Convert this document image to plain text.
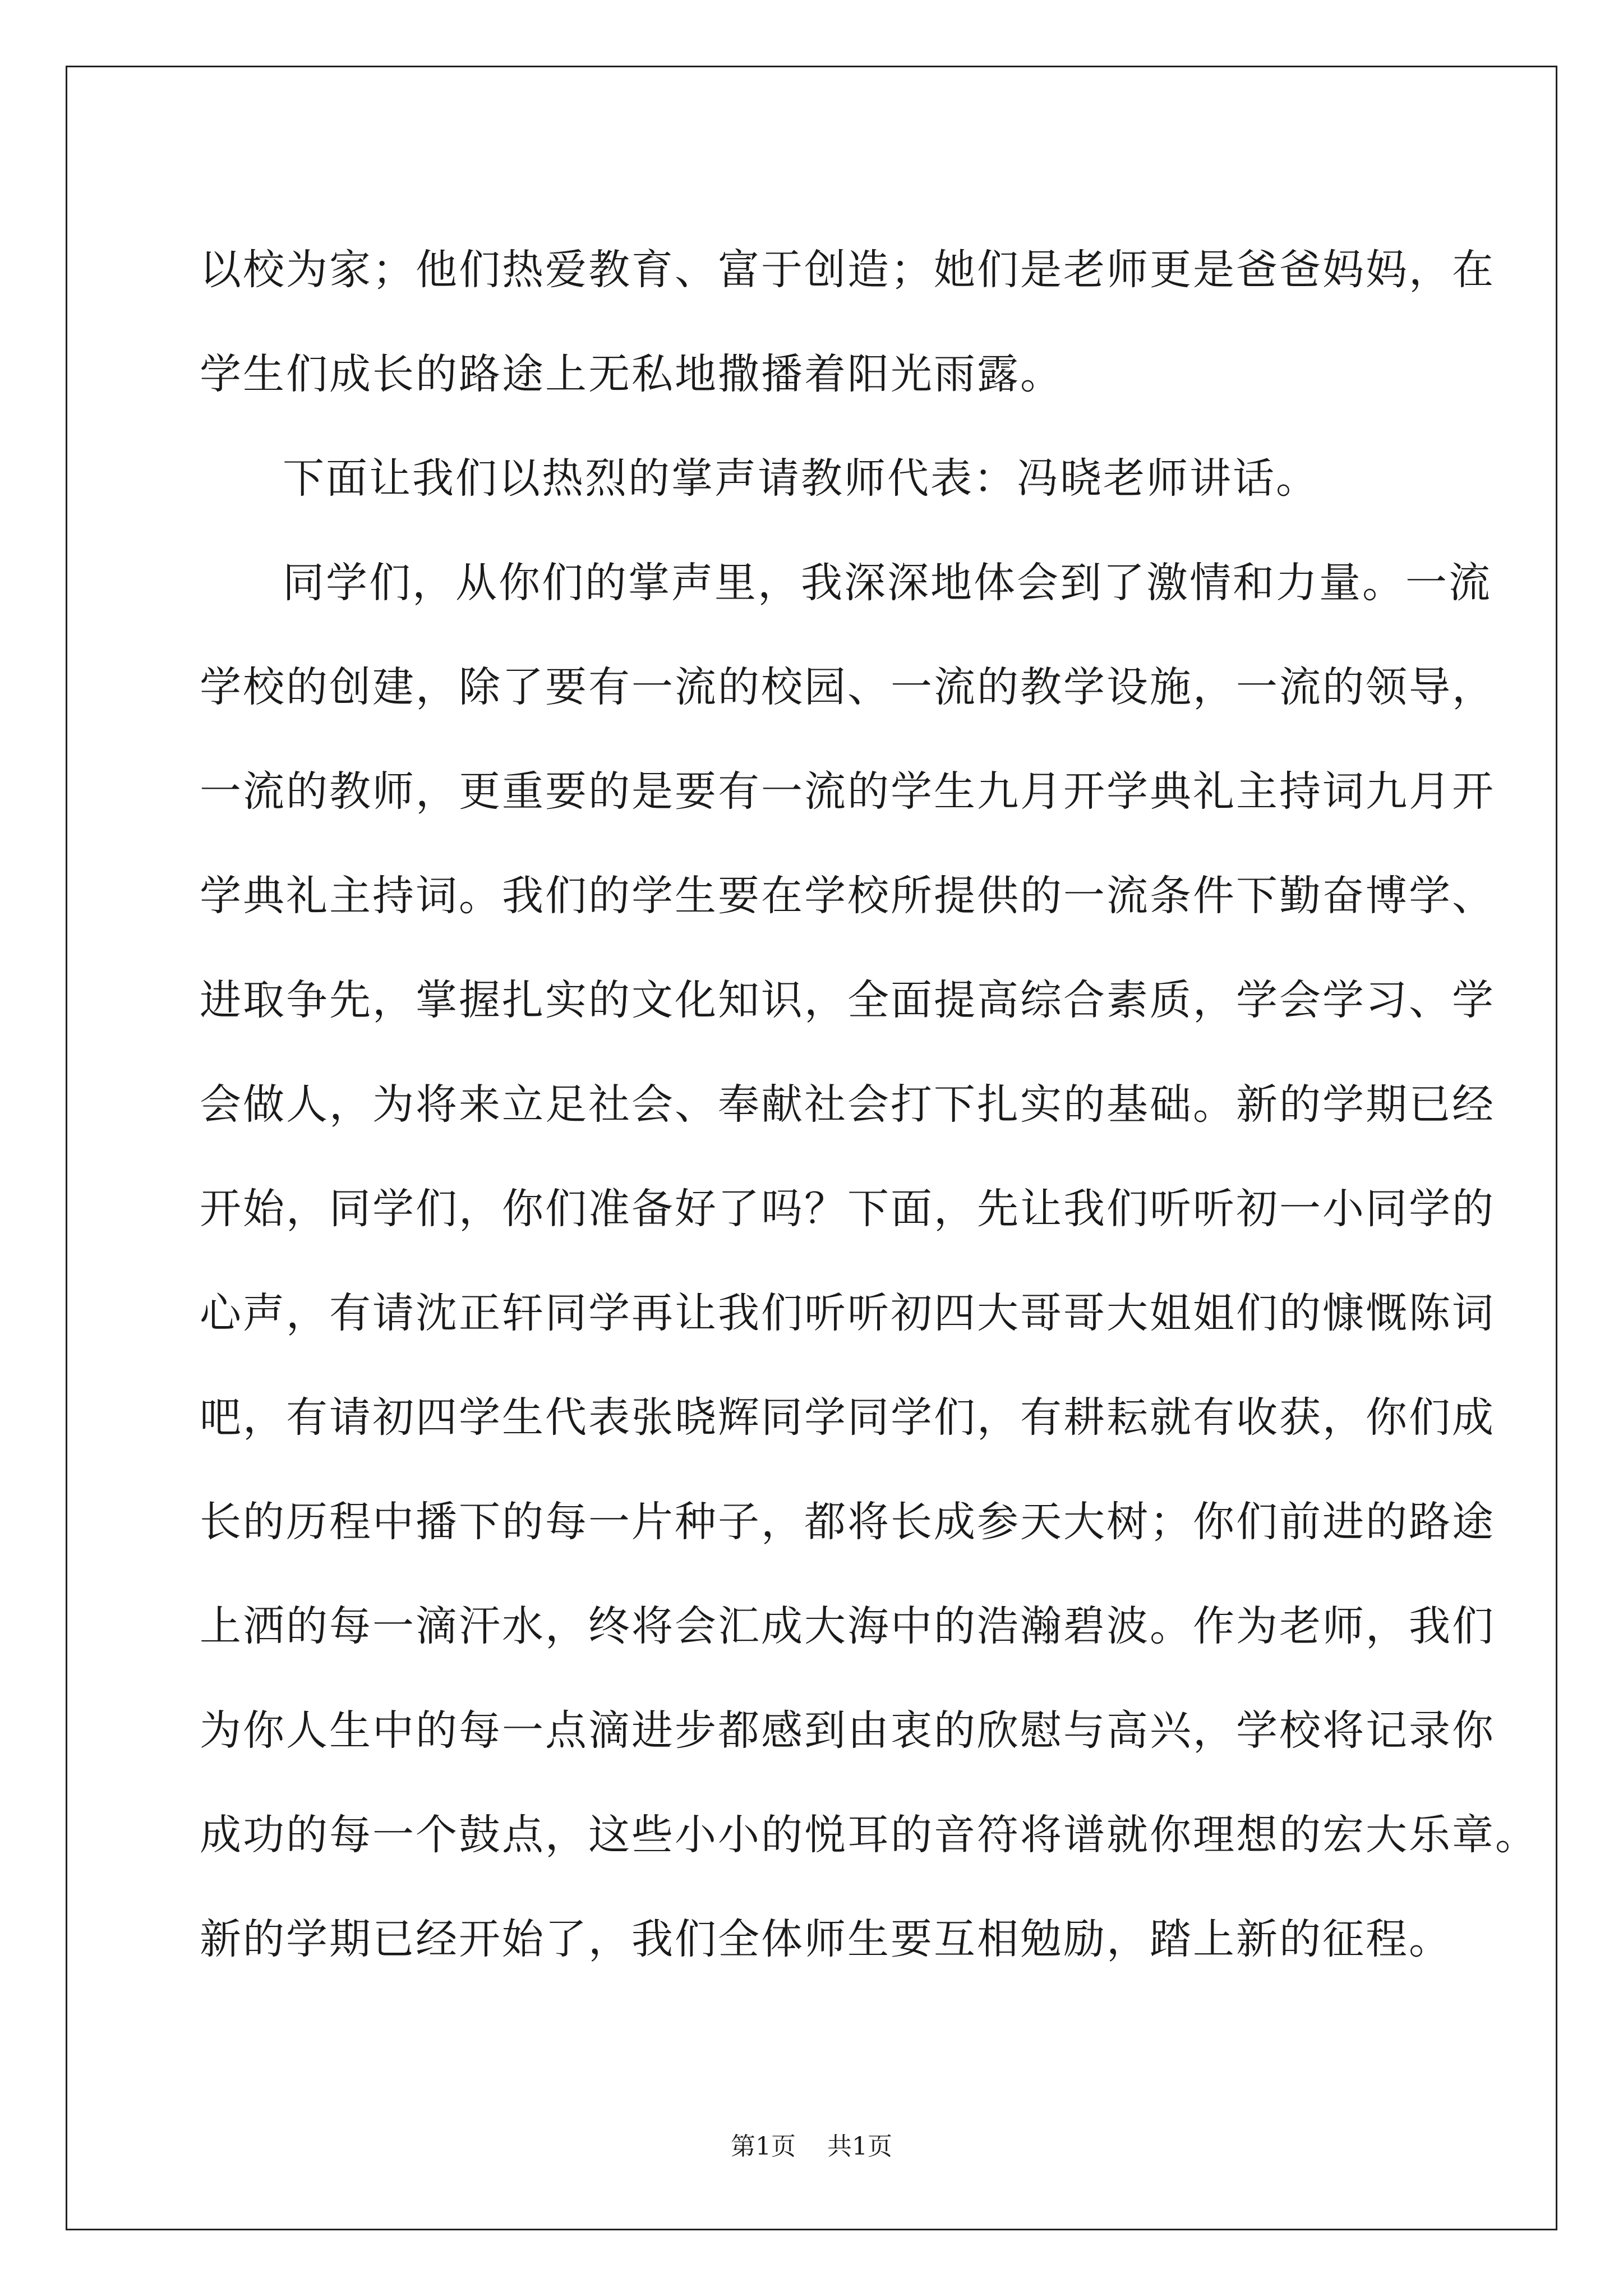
以校为家；他们热爱教育、富于创造；她们是老师更是爸爸妈妈，在

学生们成长的路途上无私地撒播着阳光雨露。

下面让我们以热烈的掌声请教师代表：冯晓老师讲话。

同学们，从你们的掌声里，我深深地体会到了激情和力量。一流

学校的创建，除了要有一流的校园、一流的教学设施，一流的领导，

一流的教师，更重要的是要有一流的学生九月开学典礼主持词九月开

学典礼主持词。我们的学生要在学校所提供的一流条件下勤奋博学、

进取争先，掌握扎实的文化知识，全面提高综合素质，学会学习、学

会做人，为将来立足社会、奉献社会打下扎实的基础。新的学期已经

开始，同学们，你们准备好了吗？下面，先让我们听听初一小同学的

心声，有请沈正轩同学再让我们听听初四大哥哥大姐姐们的慷慨陈词

吧，有请初四学生代表张晓辉同学同学们，有耕耘就有收获，你们成

长的历程中播下的每一片种子，都将长成参天大树；你们前进的路途

上洒的每一滴汗水，终将会汇成大海中的浩瀚碧波。作为老师，我们

为你人生中的每一点滴进步都感到由衷的欣慰与高兴，学校将记录你

成功的每一个鼓点，这些小小的悦耳的音符将谱就你理想的宏大乐章。

新的学期已经开始了，我们全体师生要互相勉励，踏上新的征程。

第1页 共1页
